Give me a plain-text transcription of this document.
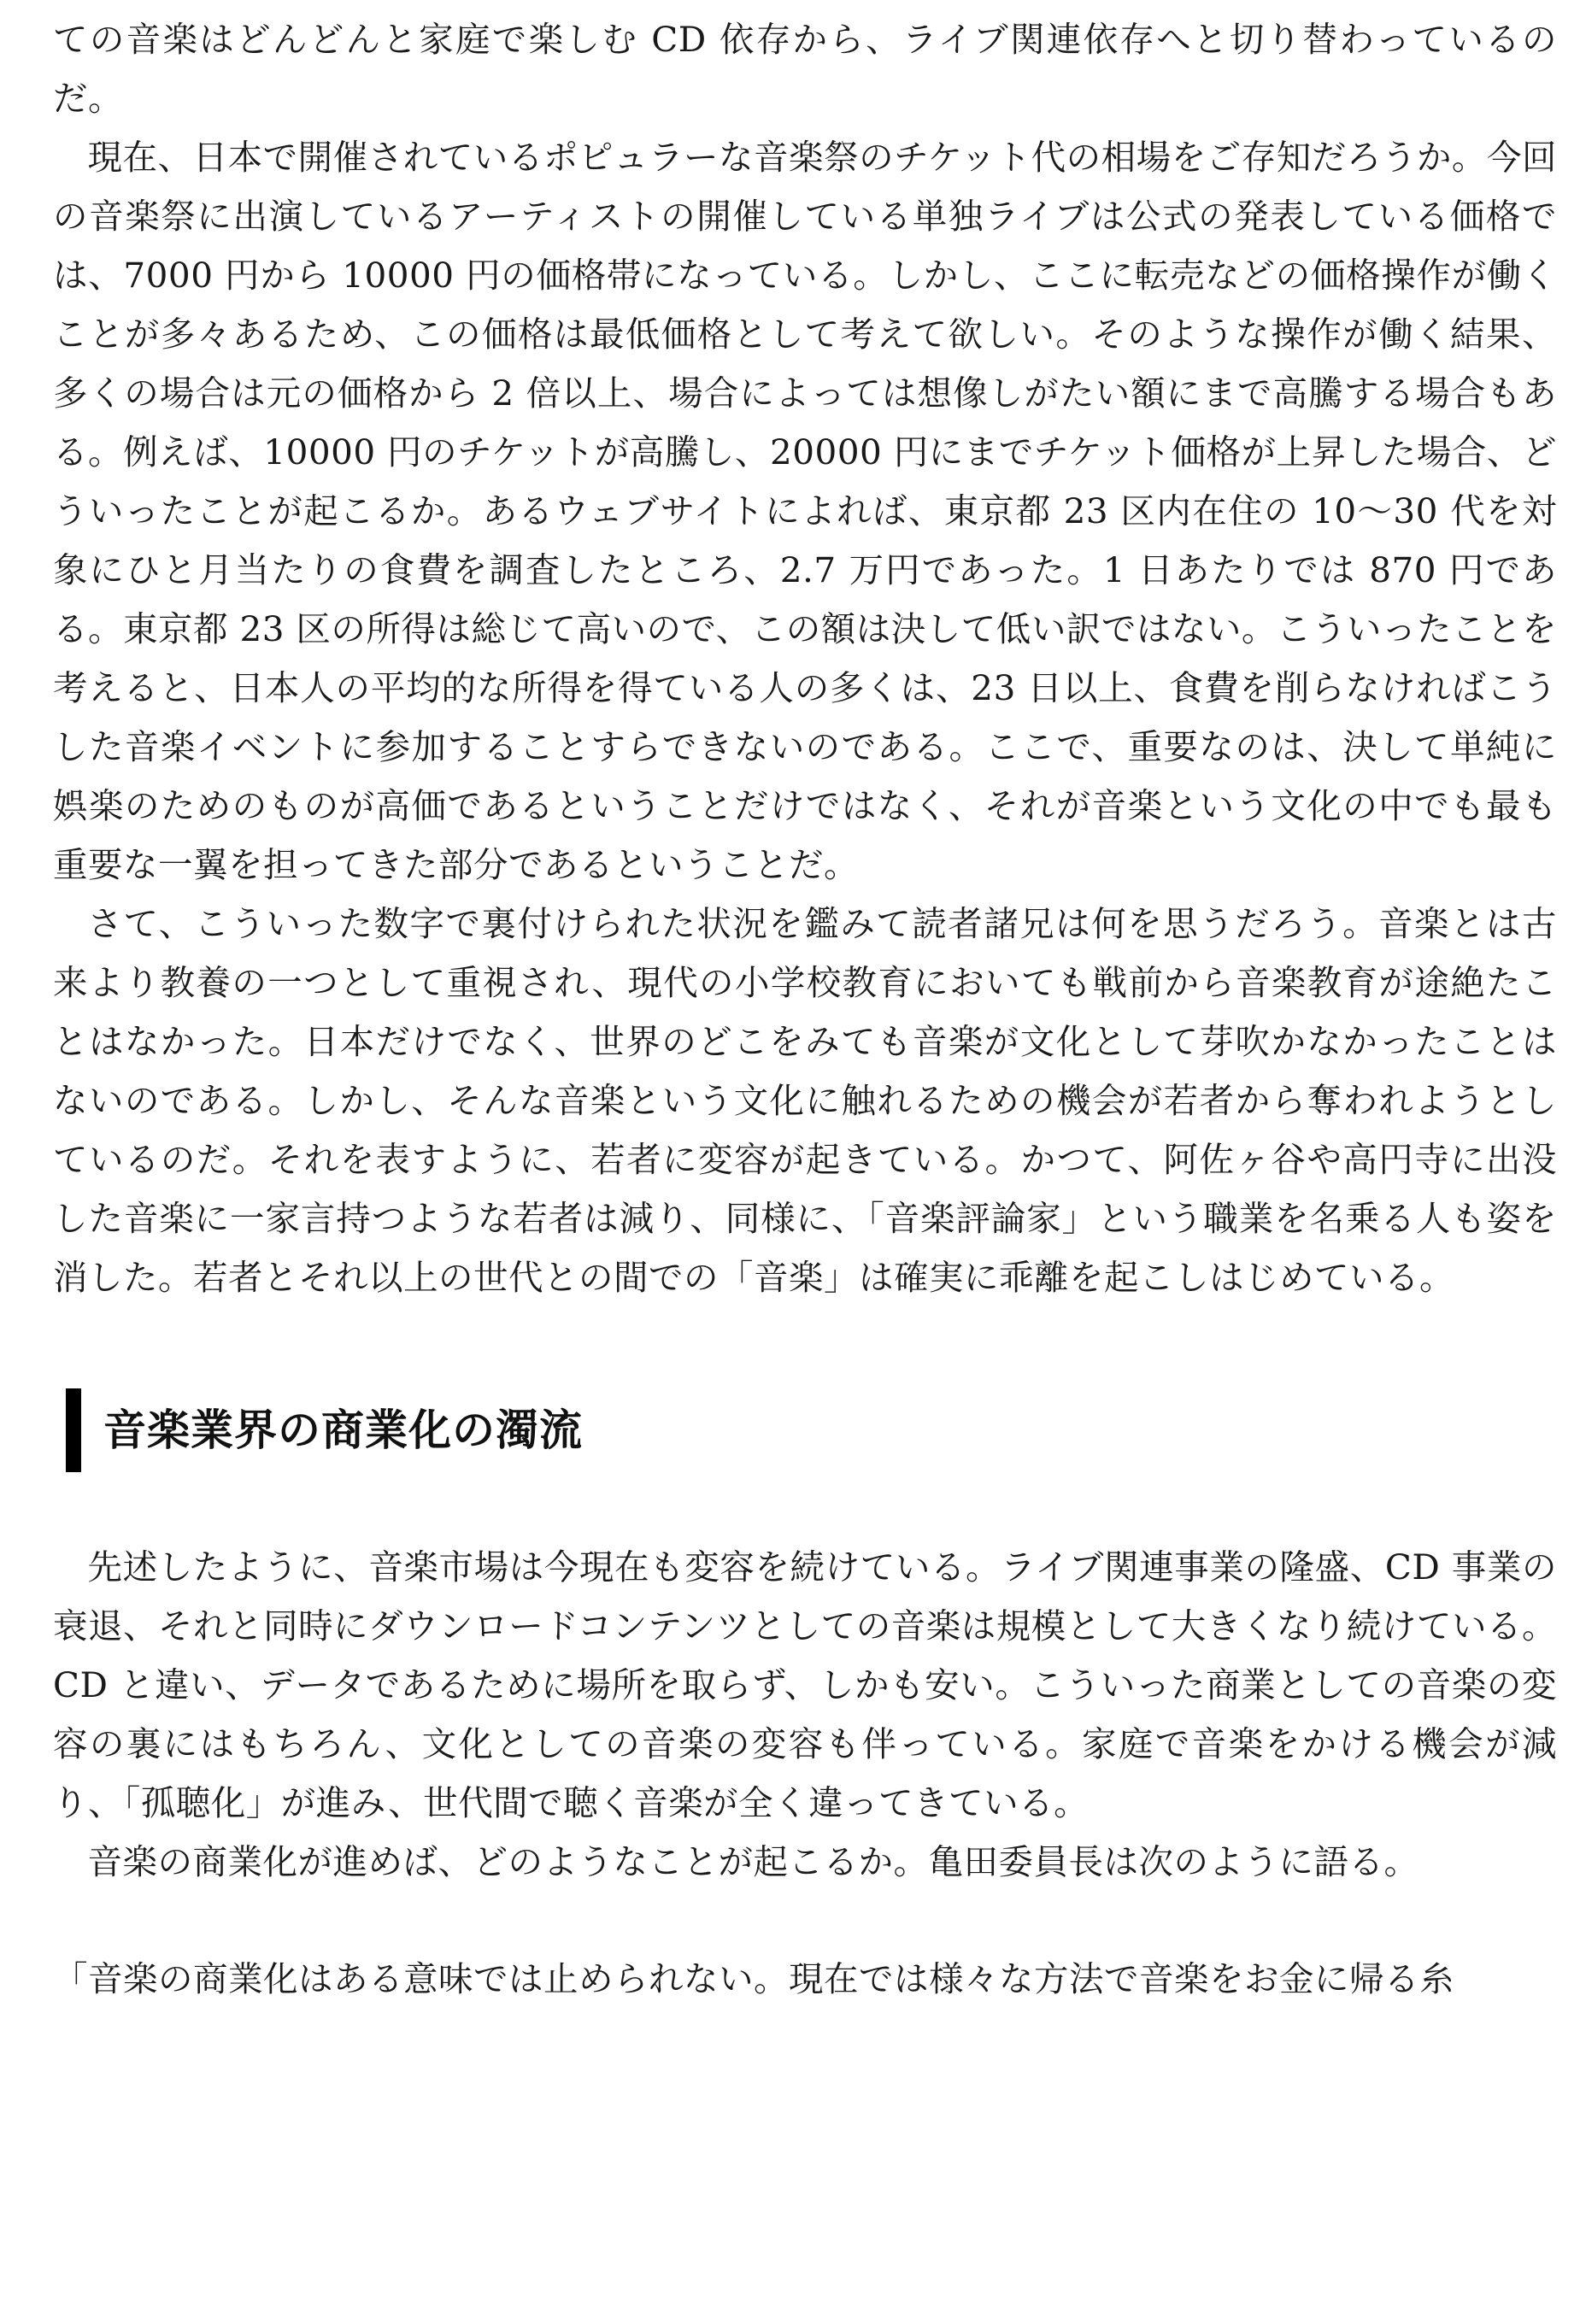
ての音楽はどんどんと家庭で楽しむ CD 依存から、ライブ関連依存へと切り替わっているのだ。

現在、日本で開催されているポピュラーな音楽祭のチケット代の相場をご存知だろうか。今回の音楽祭に出演しているアーティストの開催している単独ライブは公式の発表している価格では、7000 円から 10000 円の価格帯になっている。しかし、ここに転売などの価格操作が働くことが多々あるため、この価格は最低価格として考えて欲しい。そのような操作が働く結果、多くの場合は元の価格から 2 倍以上、場合によっては想像しがたい額にまで高騰する場合もある。例えば、10000 円のチケットが高騰し、20000 円にまでチケット価格が上昇した場合、どういったことが起こるか。あるウェブサイトによれば、東京都 23 区内在住の 10〜30 代を対象にひと月当たりの食費を調査したところ、2.7 万円であった。1 日あたりでは 870 円である。東京都 23 区の所得は総じて高いので、この額は決して低い訳ではない。こういったことを考えると、日本人の平均的な所得を得ている人の多くは、23 日以上、食費を削らなければこうした音楽イベントに参加することすらできないのである。ここで、重要なのは、決して単純に娯楽のためのものが高価であるということだけではなく、それが音楽という文化の中でも最も重要な一翼を担ってきた部分であるということだ。

さて、こういった数字で裏付けられた状況を鑑みて読者諸兄は何を思うだろう。音楽とは古来より教養の一つとして重視され、現代の小学校教育においても戦前から音楽教育が途絶たことはなかった。日本だけでなく、世界のどこをみても音楽が文化として芽吹かなかったことはないのである。しかし、そんな音楽という文化に触れるための機会が若者から奪われようとしているのだ。それを表すように、若者に変容が起きている。かつて、阿佐ヶ谷や高円寺に出没した音楽に一家言持つような若者は減り、同様に、「音楽評論家」という職業を名乗る人も姿を消した。若者とそれ以上の世代との間での「音楽」は確実に乖離を起こしはじめている。

音楽業界の商業化の濁流

先述したように、音楽市場は今現在も変容を続けている。ライブ関連事業の隆盛、CD 事業の衰退、それと同時にダウンロードコンテンツとしての音楽は規模として大きくなり続けている。CD と違い、データであるために場所を取らず、しかも安い。こういった商業としての音楽の変容の裏にはもちろん、文化としての音楽の変容も伴っている。家庭で音楽をかける機会が減り、「孤聴化」が進み、世代間で聴く音楽が全く違ってきている。

音楽の商業化が進めば、どのようなことが起こるか。亀田委員長は次のように語る。

「音楽の商業化はある意味では止められない。現在では様々な方法で音楽をお金に帰る糸
